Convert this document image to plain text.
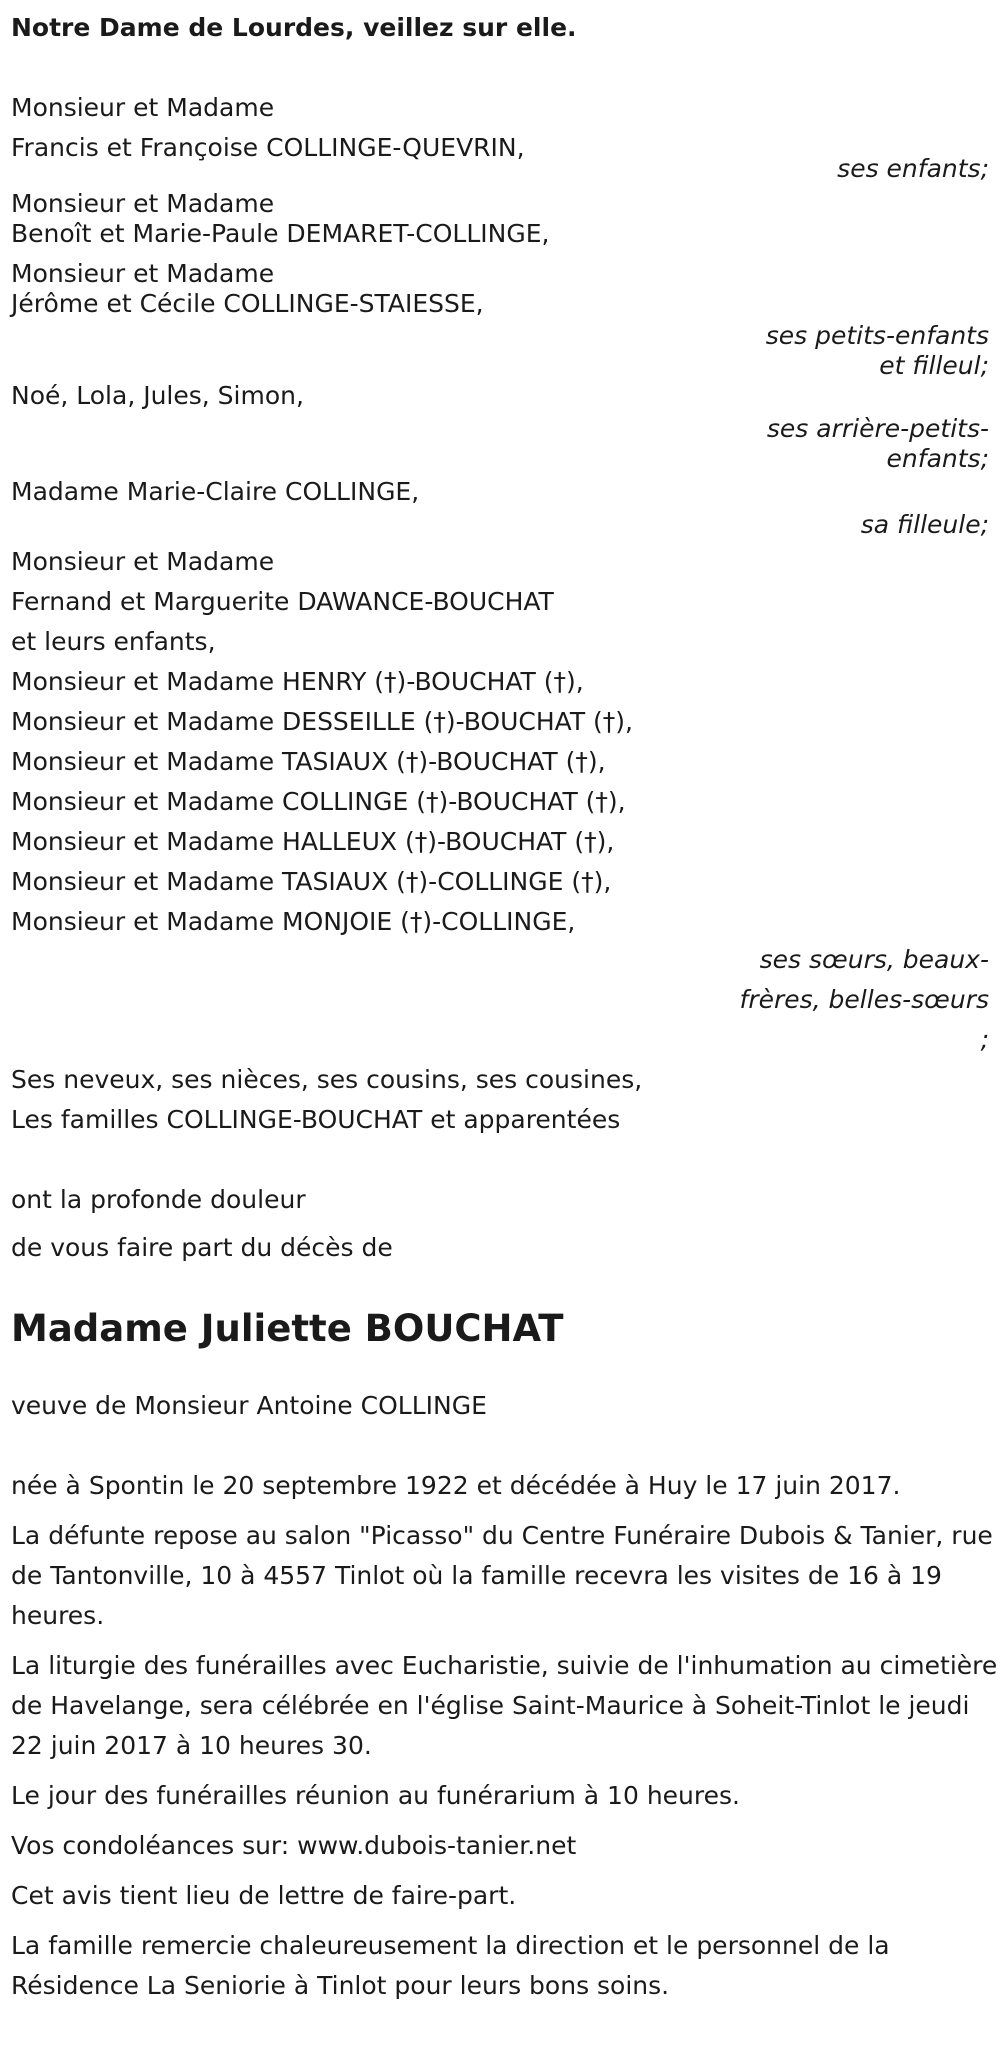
Notre Dame de Lourdes, veillez sur elle.
Monsieur et Madame
Francis et Françoise COLLINGE-QUEVRIN,
ses enfants;
Monsieur et Madame
Benoît et Marie-Paule DEMARET-COLLINGE,
Monsieur et Madame
Jérôme et Cécile COLLINGE-STAIESSE,
ses petits-enfants
et filleul;
Noé, Lola, Jules, Simon,
ses arrière-petits-
enfants;
Madame Marie-Claire COLLINGE,
sa filleule;
Monsieur et Madame
Fernand et Marguerite DAWANCE-BOUCHAT
et leurs enfants,
Monsieur et Madame HENRY (†)-BOUCHAT (†),
Monsieur et Madame DESSEILLE (†)-BOUCHAT (†),
Monsieur et Madame TASIAUX (†)-BOUCHAT (†),
Monsieur et Madame COLLINGE (†)-BOUCHAT (†),
Monsieur et Madame HALLEUX (†)-BOUCHAT (†),
Monsieur et Madame TASIAUX (†)-COLLINGE (†),
Monsieur et Madame MONJOIE (†)-COLLINGE,
ses sœurs, beaux-
frères, belles-sœurs
;
Ses neveux, ses nièces, ses cousins, ses cousines,
Les familles COLLINGE-BOUCHAT et apparentées
ont la profonde douleur
de vous faire part du décès de
Madame Juliette BOUCHAT
veuve de Monsieur Antoine COLLINGE
née à Spontin le 20 septembre 1922 et décédée à Huy le 17 juin 2017.
La défunte repose au salon "Picasso" du Centre Funéraire Dubois & Tanier, rue de Tantonville, 10 à 4557 Tinlot où la famille recevra les visites de 16 à 19 heures.
La liturgie des funérailles avec Eucharistie, suivie de l'inhumation au cimetière de Havelange, sera célébrée en l'église Saint-Maurice à Soheit-Tinlot le jeudi 22 juin 2017 à 10 heures 30.
Le jour des funérailles réunion au funérarium à 10 heures.
Vos condoléances sur: www.dubois-tanier.net
Cet avis tient lieu de lettre de faire-part.
La famille remercie chaleureusement la direction et le personnel de la Résidence La Seniorie à Tinlot pour leurs bons soins.
